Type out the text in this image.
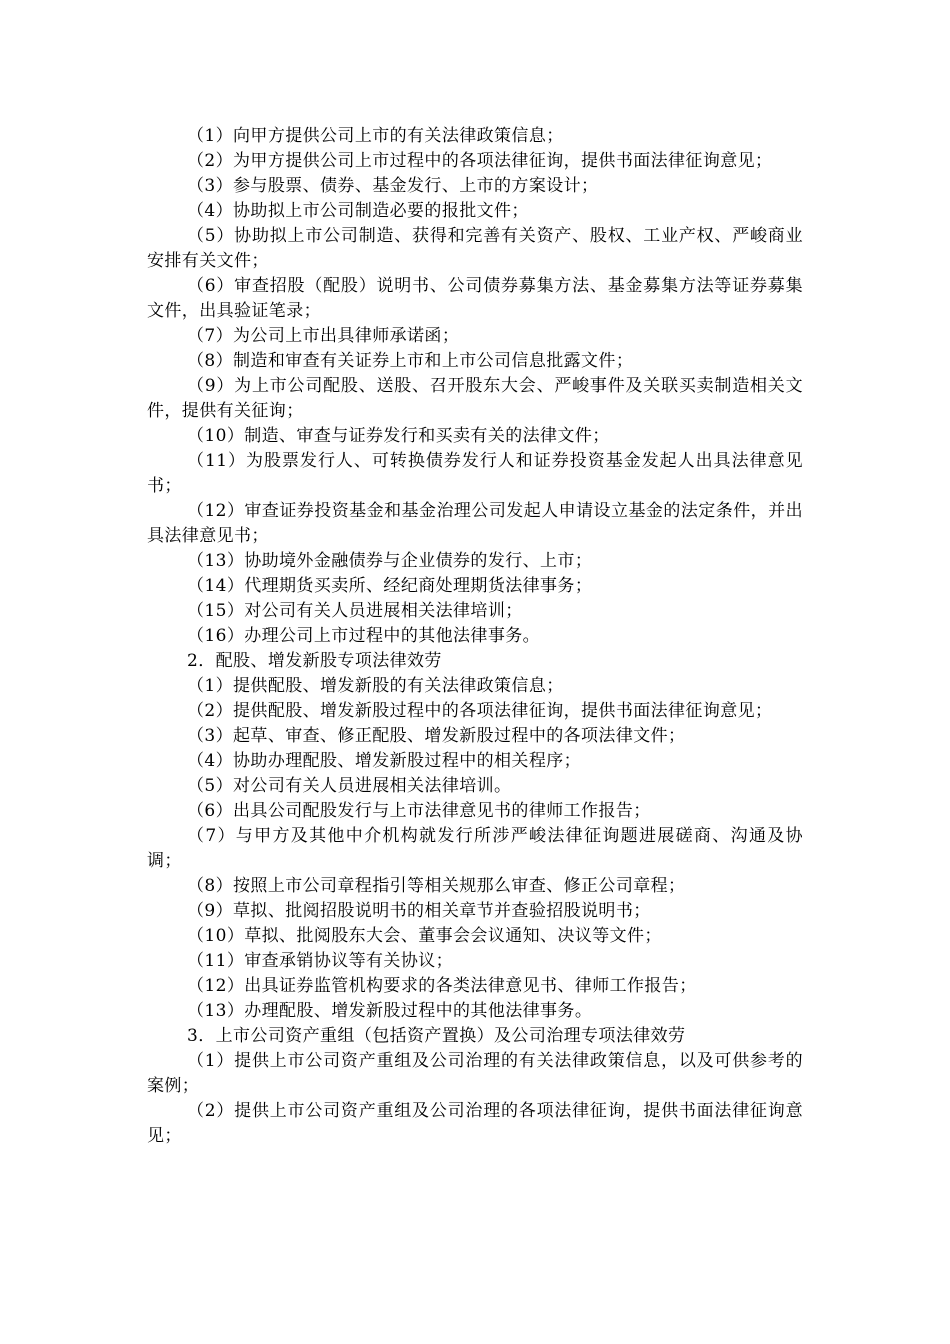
（1）向甲方提供公司上市的有关法律政策信息；

（2）为甲方提供公司上市过程中的各项法律征询，提供书面法律征询意见；

（3）参与股票、债券、基金发行、上市的方案设计；

（4）协助拟上市公司制造必要的报批文件；

（5）协助拟上市公司制造、获得和完善有关资产、股权、工业产权、严峻商业安排有关文件；

（6）审查招股（配股）说明书、公司债券募集方法、基金募集方法等证券募集文件，出具验证笔录；

（7）为公司上市出具律师承诺函；

（8）制造和审查有关证券上市和上市公司信息批露文件；

（9）为上市公司配股、送股、召开股东大会、严峻事件及关联买卖制造相关文件，提供有关征询；

（10）制造、审查与证券发行和买卖有关的法律文件；

（11）为股票发行人、可转换债券发行人和证券投资基金发起人出具法律意见书；

（12）审查证券投资基金和基金治理公司发起人申请设立基金的法定条件，并出具法律意见书；

（13）协助境外金融债券与企业债券的发行、上市；

（14）代理期货买卖所、经纪商处理期货法律事务；

（15）对公司有关人员进展相关法律培训；

（16）办理公司上市过程中的其他法律事务。

2．配股、增发新股专项法律效劳

（1）提供配股、增发新股的有关法律政策信息；

（2）提供配股、增发新股过程中的各项法律征询，提供书面法律征询意见；

（3）起草、审查、修正配股、增发新股过程中的各项法律文件；

（4）协助办理配股、增发新股过程中的相关程序；

（5）对公司有关人员进展相关法律培训。

（6）出具公司配股发行与上市法律意见书的律师工作报告；

（7）与甲方及其他中介机构就发行所涉严峻法律征询题进展磋商、沟通及协调；

（8）按照上市公司章程指引等相关规那么审查、修正公司章程；

（9）草拟、批阅招股说明书的相关章节并查验招股说明书；

（10）草拟、批阅股东大会、董事会会议通知、决议等文件；

（11）审查承销协议等有关协议；

（12）出具证券监管机构要求的各类法律意见书、律师工作报告；

（13）办理配股、增发新股过程中的其他法律事务。

3．上市公司资产重组（包括资产置换）及公司治理专项法律效劳

（1）提供上市公司资产重组及公司治理的有关法律政策信息，以及可供参考的案例；

（2）提供上市公司资产重组及公司治理的各项法律征询，提供书面法律征询意见；
